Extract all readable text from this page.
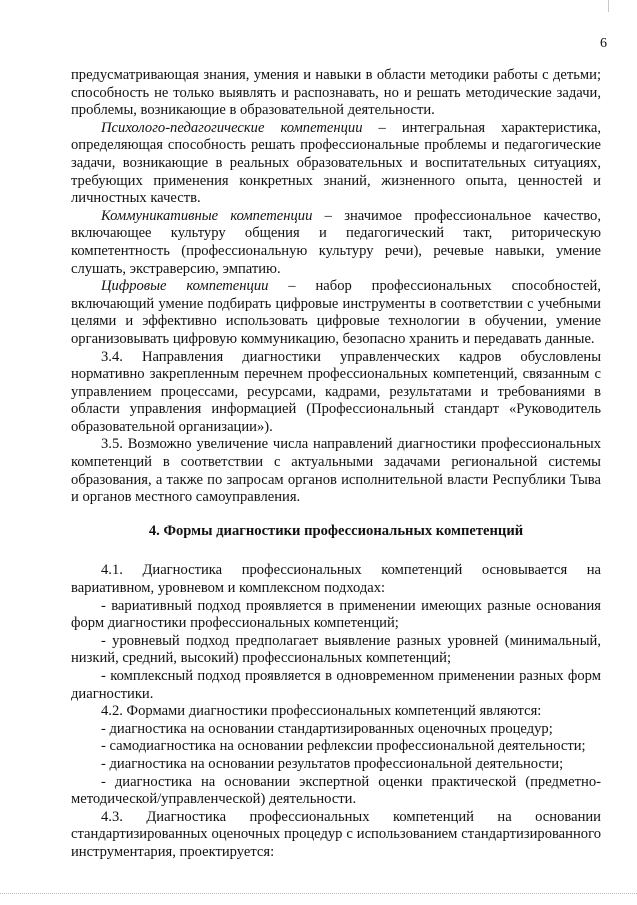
6

предусматривающая знания, умения и навыки в области методики работы с детьми; способность не только выявлять и распознавать, но и решать методические задачи, проблемы, возникающие в образовательной деятельности.

Психолого-педагогические компетенции – интегральная характеристика, определяющая способность решать профессиональные проблемы и педагогические задачи, возникающие в реальных образовательных и воспитательных ситуациях, требующих применения конкретных знаний, жизненного опыта, ценностей и личностных качеств.

Коммуникативные компетенции – значимое профессиональное качество, включающее культуру общения и педагогический такт, риторическую компетентность (профессиональную культуру речи), речевые навыки, умение слушать, экстраверсию, эмпатию.

Цифровые компетенции – набор профессиональных способностей, включающий умение подбирать цифровые инструменты в соответствии с учебными целями и эффективно использовать цифровые технологии в обучении, умение организовывать цифровую коммуникацию, безопасно хранить и передавать данные.

3.4. Направления диагностики управленческих кадров обусловлены нормативно закрепленным перечнем профессиональных компетенций, связанным с управлением процессами, ресурсами, кадрами, результатами и требованиями в области управления информацией (Профессиональный стандарт «Руководитель образовательной организации»).

3.5. Возможно увеличение числа направлений диагностики профессиональных компетенций в соответствии с актуальными задачами региональной системы образования, а также по запросам органов исполнительной власти Республики Тыва и органов местного самоуправления.

4. Формы диагностики профессиональных компетенций

4.1. Диагностика профессиональных компетенций основывается на вариативном, уровневом и комплексном подходах:

- вариативный подход проявляется в применении имеющих разные основания форм диагностики профессиональных компетенций;

- уровневый подход предполагает выявление разных уровней (минимальный, низкий, средний, высокий) профессиональных компетенций;

- комплексный подход проявляется в одновременном применении разных форм диагностики.

4.2. Формами диагностики профессиональных компетенций являются:

- диагностика на основании стандартизированных оценочных процедур;

- самодиагностика на основании рефлексии профессиональной деятельности;

- диагностика на основании результатов профессиональной деятельности;

- диагностика на основании экспертной оценки практической (предметно-методической/управленческой) деятельности.

4.3. Диагностика профессиональных компетенций на основании стандартизированных оценочных процедур с использованием стандартизированного инструментария, проектируется:
